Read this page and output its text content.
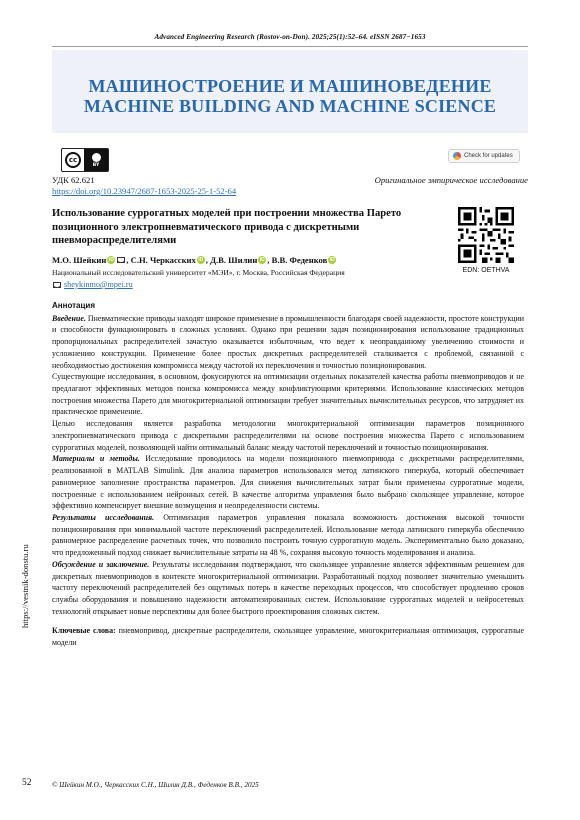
Advanced Engineering Research (Rostov-on-Don). 2025;25(1):52–64. eISSN 2687−1653
МАШИНОСТРОЕНИЕ И МАШИНОВЕДЕНИЕ
MACHINE BUILDING AND MACHINE SCIENCE
cc
BY
Check for updates
УДК 62.621
https://doi.org/10.23947/2687-1653-2025-25-1-52-64
Оригинальное эмпирическое исследование
Использование суррогатных моделей при построении множества Парето позиционного электропневматического привода с дискретными пневмораспределителями
EDN: OETHVA
М.О. Шейкин iD , С.Н. Черкасских iD , Д.В. Шилин iD , В.В. Феденков iD
Национальный исследовательский университет «МЭИ», г. Москва, Российская Федерация
sheykinmo@mpei.ru
https://vestnik-donstu.ru
52

Аннотация

Введение. Пневматические приводы находят широкое применение в промышленности благодаря своей надежности, простоте конструкции и способности функционировать в сложных условиях. Однако при решении задач позиционирования использование традиционных пропорциональных распределителей зачастую оказывается избыточным, что ведет к неоправданному увеличению стоимости и усложнению конструкции. Применение более простых дискретных распределителей сталкивается с проблемой, связанной с необходимостью достижения компромисса между частотой их переключения и точностью позиционирования.

Существующие исследования, в основном, фокусируются на оптимизации отдельных показателей качества работы пневмоприводов и не предлагают эффективных методов поиска компромисса между конфликтующими критериями. Использование классических методов построения множества Парето для многокритериальной оптимизации требует значительных вычислительных ресурсов, что затрудняет их практическое применение.

Целью исследования является разработка методологии многокритериальной оптимизации параметров позиционного электропневматического привода с дискретными распределителями на основе построения множества Парето с использованием суррогатных моделей, позволяющей найти оптимальный баланс между частотой переключений и точностью позиционирования.

Материалы и методы. Исследование проводилось на модели позиционного пневмопривода с дискретными распределителями, реализованной в MATLAB Simulink. Для анализа параметров использовался метод латинского гиперкуба, который обеспечивает равномерное заполнение пространства параметров. Для снижения вычислительных затрат были применены суррогатные модели, построенные с использованием нейронных сетей. В качестве алгоритма управления было выбрано скользящее управление, которое эффективно компенсирует внешние возмущения и неопределенности системы.

Результаты исследования. Оптимизация параметров управления показала возможность достижения высокой точности позиционирования при минимальной частоте переключений распределителей. Использование метода латинского гиперкуба обеспечило равномерное распределение расчетных точек, что позволило построить точную суррогатную модель. Экспериментально было доказано, что предложенный подход снижает вычислительные затраты на 48 %, сохраняя высокую точность моделирования и анализа.

Обсуждение и заключение. Результаты исследования подтверждают, что скользящее управление является эффективным решением для дискретных пневмоприводов в контексте многокритериальной оптимизации. Разработанный подход позволяет значительно уменьшить частоту переключений распределителей без ощутимых потерь в качестве переходных процессов, что способствует продлению сроков службы оборудования и повышению надежности автоматизированных систем. Использование суррогатных моделей и нейросетевых технологий открывает новые перспективы для более быстрого проектирования сложных систем.

Ключевые слова: пневмопривод, дискретные распределители, скользящее управление, многокритериальная оптимизация, суррогатные модели

© Шейкин М.О., Черкасских С.Н., Шилин Д.В., Феденков В.В., 2025
